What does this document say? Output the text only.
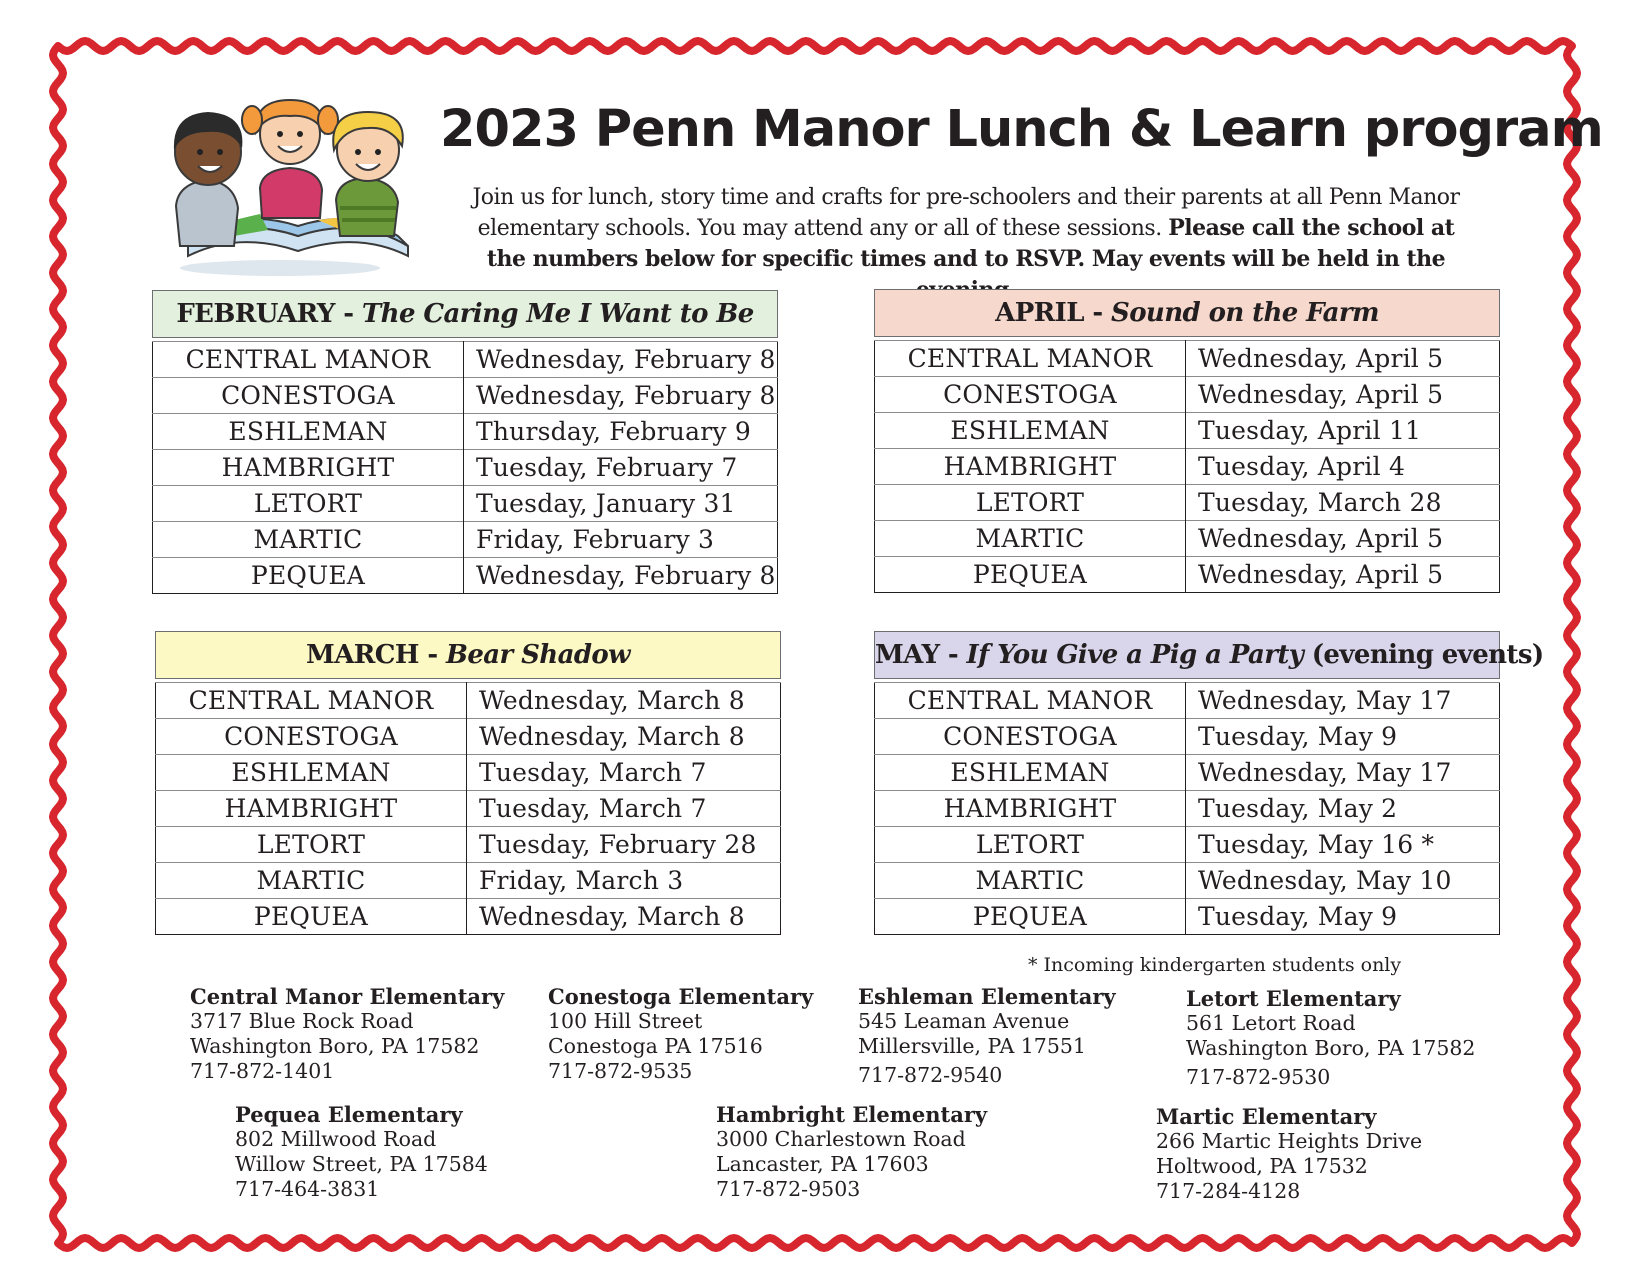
2023 Penn Manor Lunch & Learn program
Join us for lunch, story time and crafts for pre-schoolers and their parents at all Penn Manor elementary schools. You may attend any or all of these sessions. Please call the school at the numbers below for specific times and to RSVP. May events will be held in the
FEBRUARY - The Caring Me I Want to Be
CENTRAL MANOR	Wednesday, February 8
CONESTOGA	Wednesday, February 8
ESHLEMAN	Thursday, February 9
HAMBRIGHT	Tuesday, February 7
LETORT	Tuesday, January 31
MARTIC	Friday, February 3
PEQUEA	Wednesday, February 8
APRIL - Sound on the Farm
CENTRAL MANOR	Wednesday, April 5
CONESTOGA	Wednesday, April 5
ESHLEMAN	Tuesday, April 11
HAMBRIGHT	Tuesday, April 4
LETORT	Tuesday, March 28
MARTIC	Wednesday, April 5
PEQUEA	Wednesday, April 5
MARCH - Bear Shadow
CENTRAL MANOR	Wednesday, March 8
CONESTOGA	Wednesday, March 8
ESHLEMAN	Tuesday, March 7
HAMBRIGHT	Tuesday, March 7
LETORT	Tuesday, February 28
MARTIC	Friday, March 3
PEQUEA	Wednesday, March 8
MAY - If You Give a Pig a Party (evening events)
CENTRAL MANOR	Wednesday, May 17
CONESTOGA	Tuesday, May 9
ESHLEMAN	Wednesday, May 17
HAMBRIGHT	Tuesday, May 2
LETORT	Tuesday, May 16 *
MARTIC	Wednesday, May 10
PEQUEA	Tuesday, May 9
* Incoming kindergarten students only
Central Manor Elementary
3717 Blue Rock Road
Washington Boro, PA 17582
717-872-1401
Conestoga Elementary
100 Hill Street
Conestoga PA 17516
717-872-9535
Eshleman Elementary
545 Leaman Avenue
Millersville, PA 17551
717-872-9540
Letort Elementary
561 Letort Road
Washington Boro, PA 17582
717-872-9530
Pequea Elementary
802 Millwood Road
Willow Street, PA 17584
717-464-3831
Hambright Elementary
3000 Charlestown Road
Lancaster, PA 17603
717-872-9503
Martic Elementary
266 Martic Heights Drive
Holtwood, PA 17532
717-284-4128
